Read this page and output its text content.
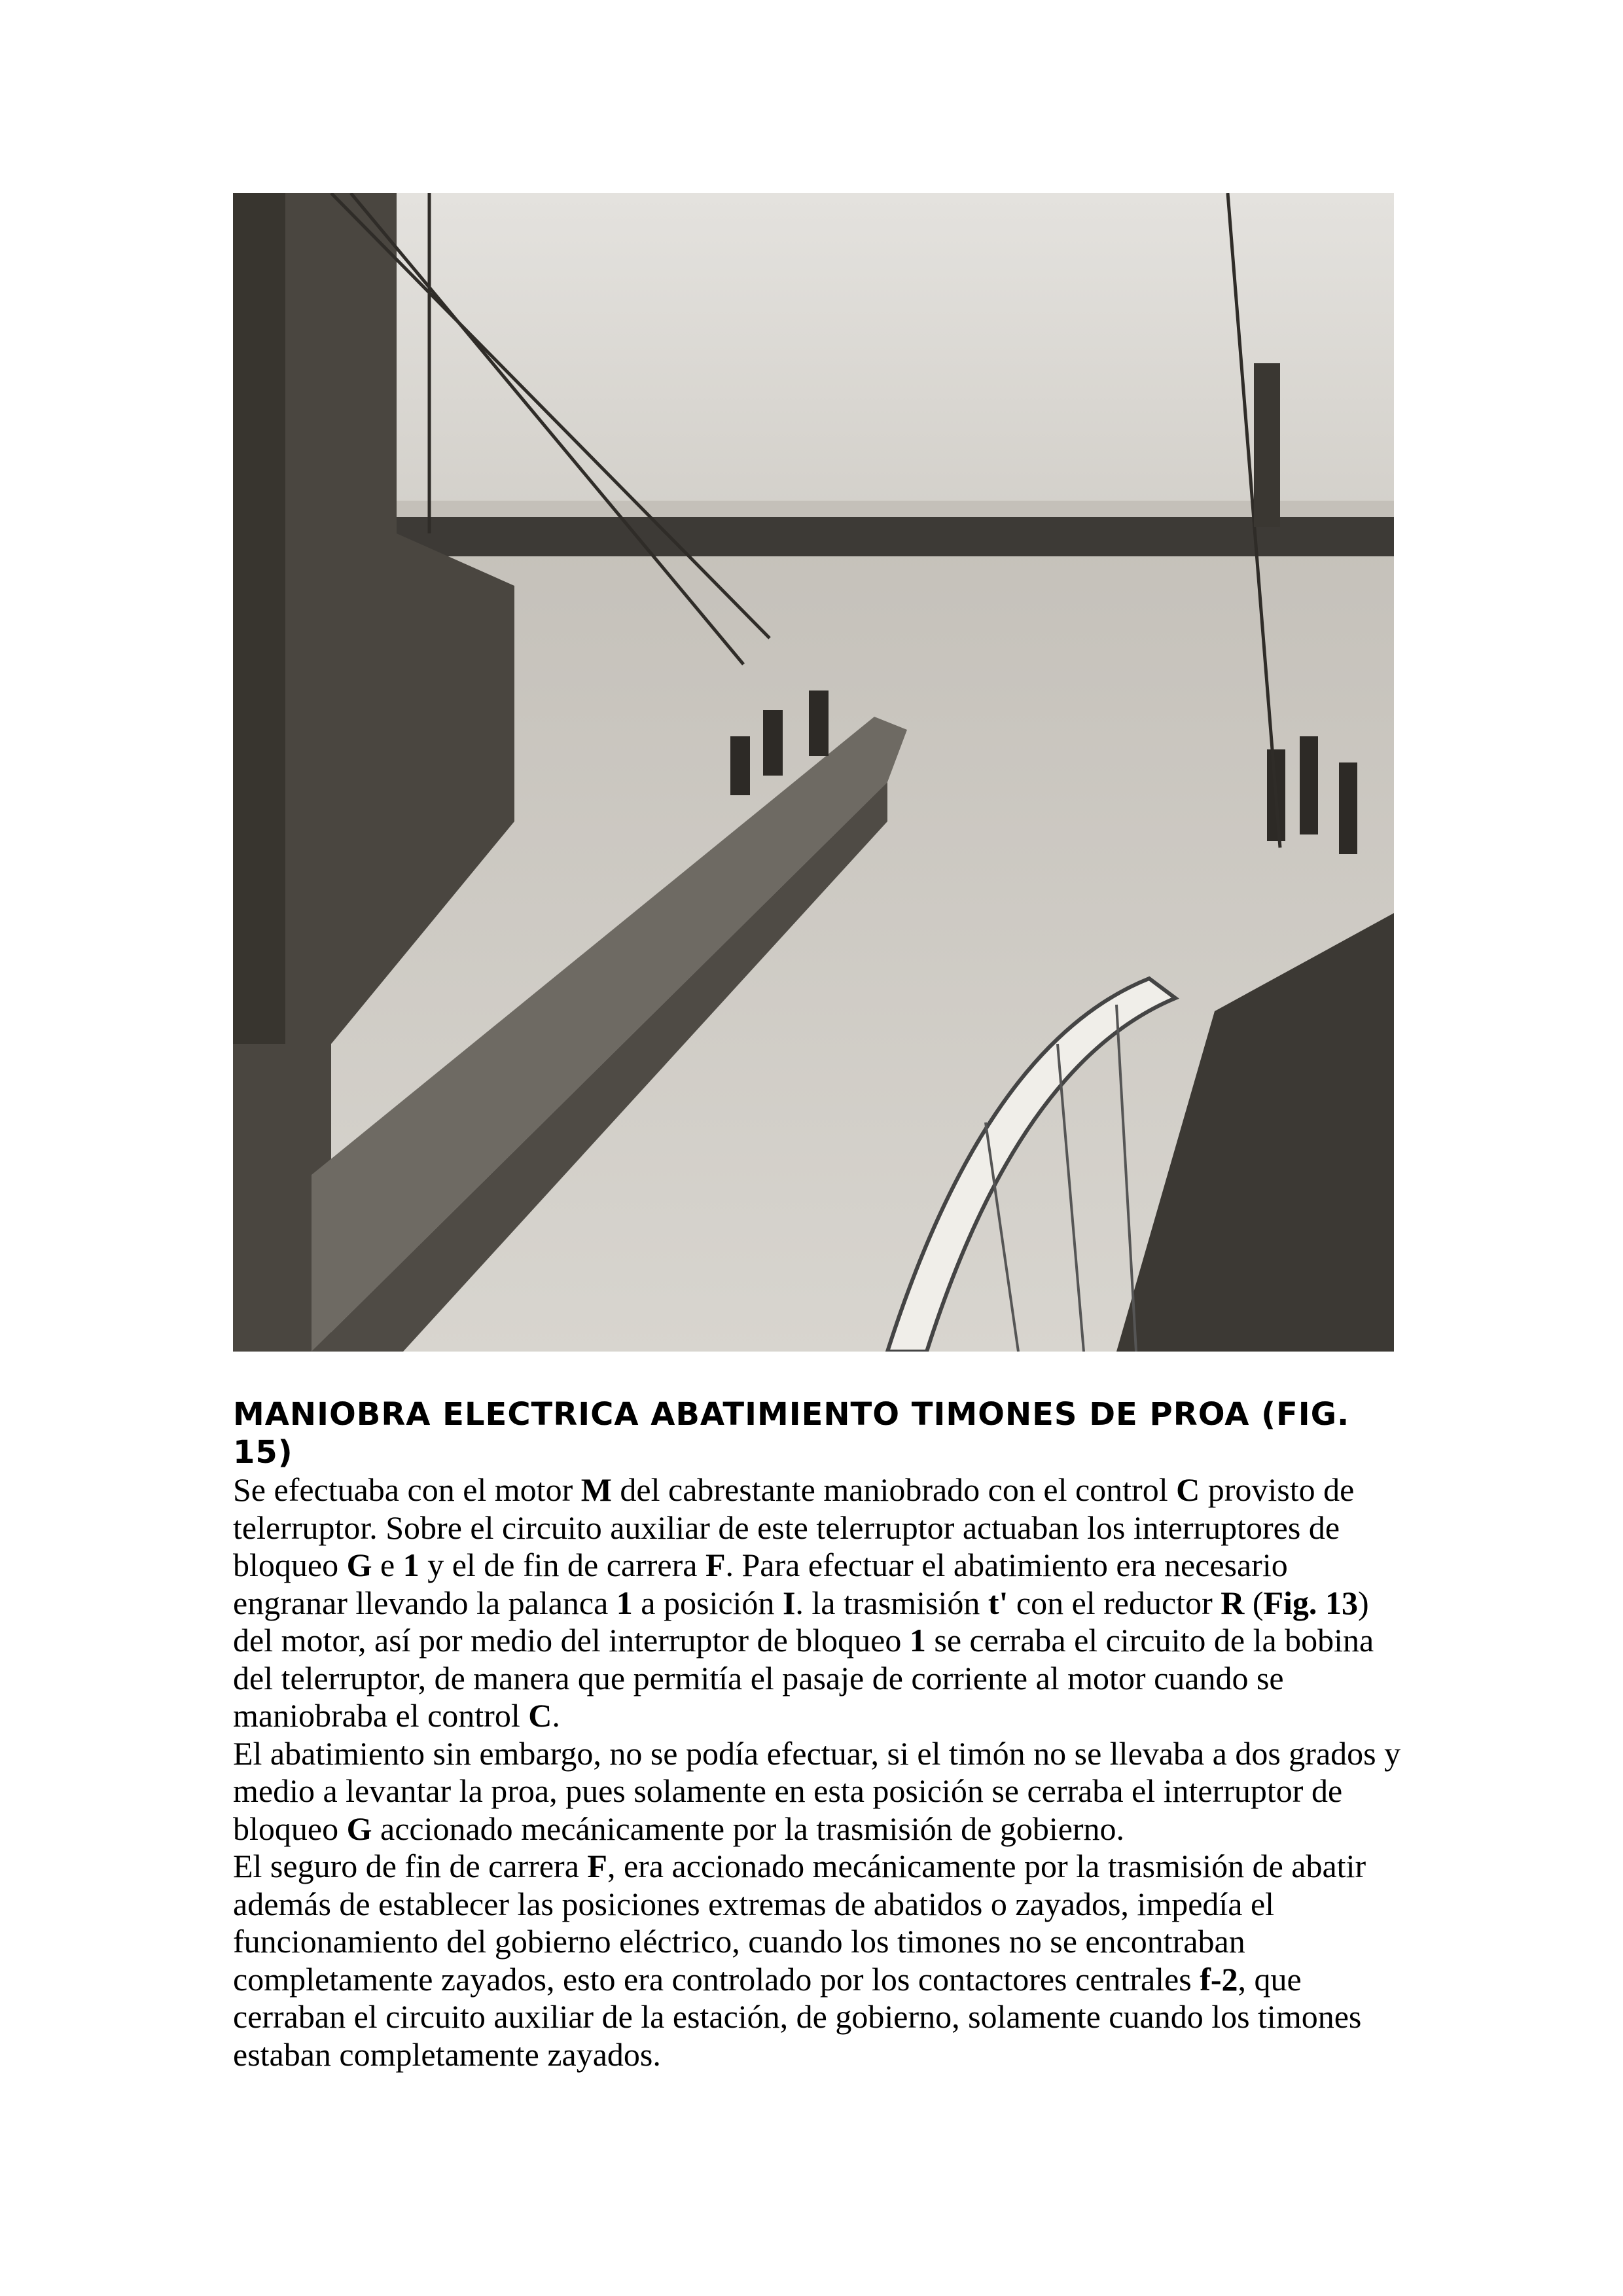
MANIOBRA ELECTRICA ABATIMIENTO TIMONES DE PROA (FIG. 15)

Se efectuaba con el motor M del cabrestante maniobrado con el control C provisto de telerruptor. Sobre el circuito auxiliar de este telerruptor actuaban los interruptores de bloqueo G e 1 y el de fin de carrera F. Para efectuar el abatimiento era necesario engranar llevando la palanca 1 a posición I. la trasmisión t' con el reductor R (Fig. 13) del motor, así por medio del interruptor de bloqueo 1 se cerraba el circuito de la bobina del telerruptor, de manera que permitía el pasaje de corriente al motor cuando se maniobraba el control C.

El abatimiento sin embargo, no se podía efectuar, si el timón no se llevaba a dos grados y medio a levantar la proa, pues solamente en esta posición se cerraba el interruptor de bloqueo G accionado mecánicamente por la trasmisión de gobierno.

El seguro de fin de carrera F, era accionado mecánicamente por la trasmisión de abatir además de establecer las posiciones extremas de abatidos o zayados, impedía el funcionamiento del gobierno eléctrico, cuando los timones no se encontraban completamente zayados, esto era controlado por los contactores centrales f-2, que cerraban el circuito auxiliar de la estación, de gobierno, solamente cuando los timones estaban completamente zayados.
